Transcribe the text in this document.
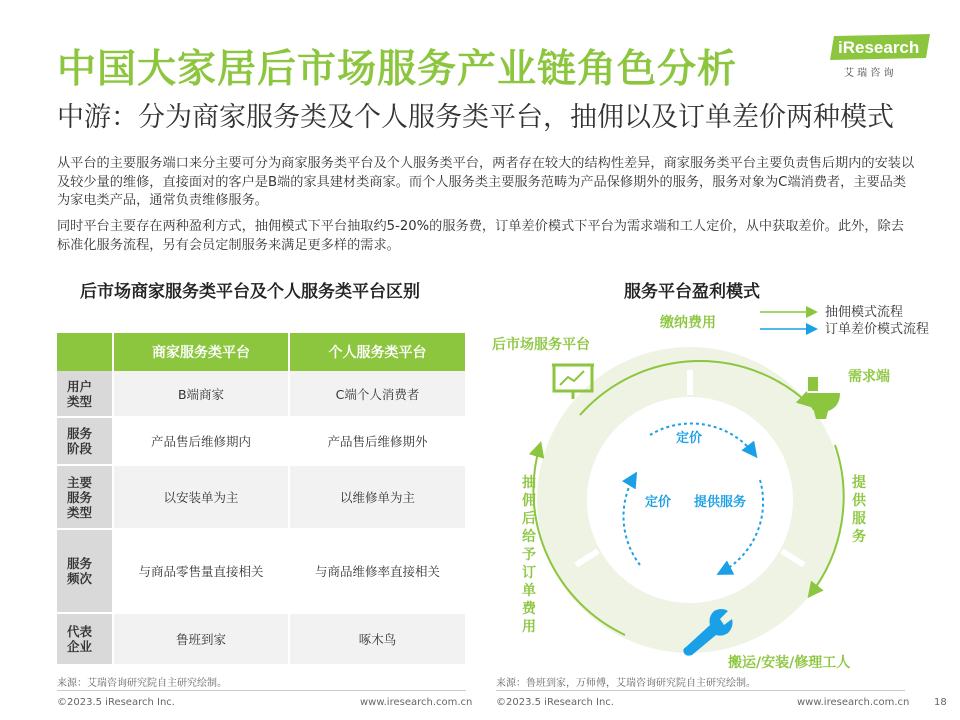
中国大家居后市场服务产业链角色分析
中游：分为商家服务类及个人服务类平台，抽佣以及订单差价两种模式
iResearch
艾 瑞 咨 询
从平台的主要服务端口来分主要可分为商家服务类平台及个人服务类平台，两者存在较大的结构性差异，商家服务类平台主要负责售后期内的安装以及较少量的维修，直接面对的客户是B端的家具建材类商家。而个人服务类主要服务范畴为产品保修期外的服务，服务对象为C端消费者，主要品类为家电类产品，通常负责维修服务。
同时平台主要存在两种盈利方式，抽佣模式下平台抽取约5-20%的服务费，订单差价模式下平台为需求端和工人定价，从中获取差价。此外，除去标准化服务流程，另有会员定制服务来满足更多样的需求。
后市场商家服务类平台及个人服务类平台区别	服务平台盈利模式
	商家服务类平台	个人服务类平台
用户
类型	B端商家	C端个人消费者
服务
阶段	产品售后维修期内	产品售后维修期外
主要
服务
类型	以安装单为主	以维修单为主
服务
频次	与商品零售量直接相关	与商品维修率直接相关
代表
企业	鲁班到家	啄木鸟
抽佣模式流程
订单差价模式流程
缴纳费用
后市场服务平台
需求端
搬运/安装/修理工人
提供服务
抽佣后给予订单费用
定价
定价 提供服务
来源：艾瑞咨询研究院自主研究绘制。	来源：鲁班到家，万师傅，艾瑞咨询研究院自主研究绘制。
©2023.5 iResearch Inc.	www.iresearch.com.cn ©2023.5 iResearch Inc.	www.iresearch.com.cn 18
